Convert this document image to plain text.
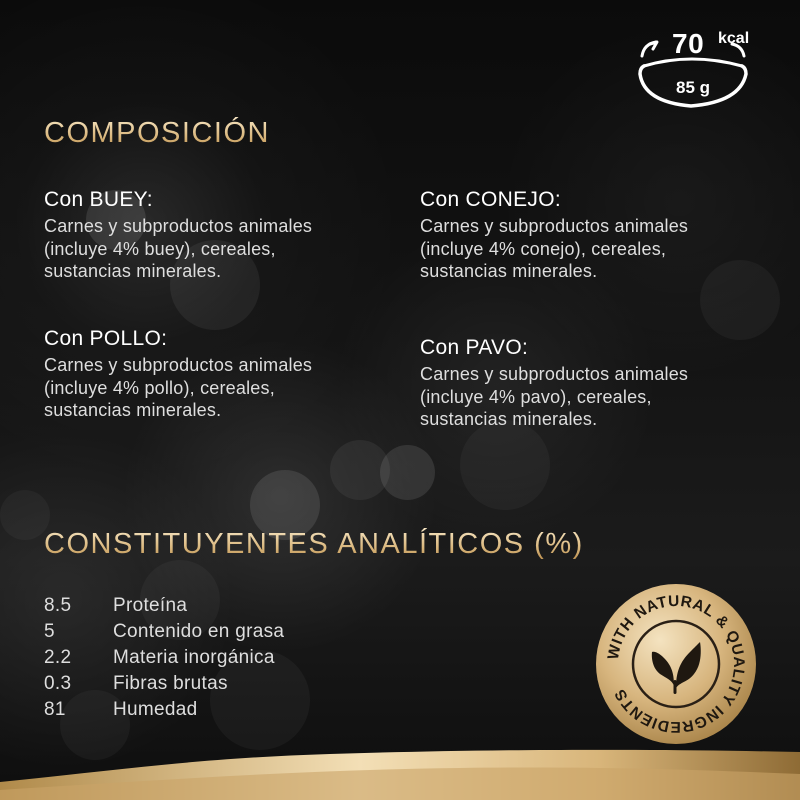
70 kcal
85 g
COMPOSICIÓN
Con BUEY:
Carnes y subproductos animales
(incluye 4% buey), cereales,
sustancias minerales.
Con CONEJO:
Carnes y subproductos animales
(incluye 4% conejo), cereales,
sustancias minerales.
Con POLLO:
Carnes y subproductos animales
(incluye 4% pollo), cereales,
sustancias minerales.
Con PAVO:
Carnes y subproductos animales
(incluye 4% pavo), cereales,
sustancias minerales.
CONSTITUYENTES ANALÍTICOS (%)
8.5	Proteína
5	Contenido en grasa
2.2	Materia inorgánica
0.3	Fibras brutas
81	Humedad
WITH NATURAL & QUALITY INGREDIENTS
